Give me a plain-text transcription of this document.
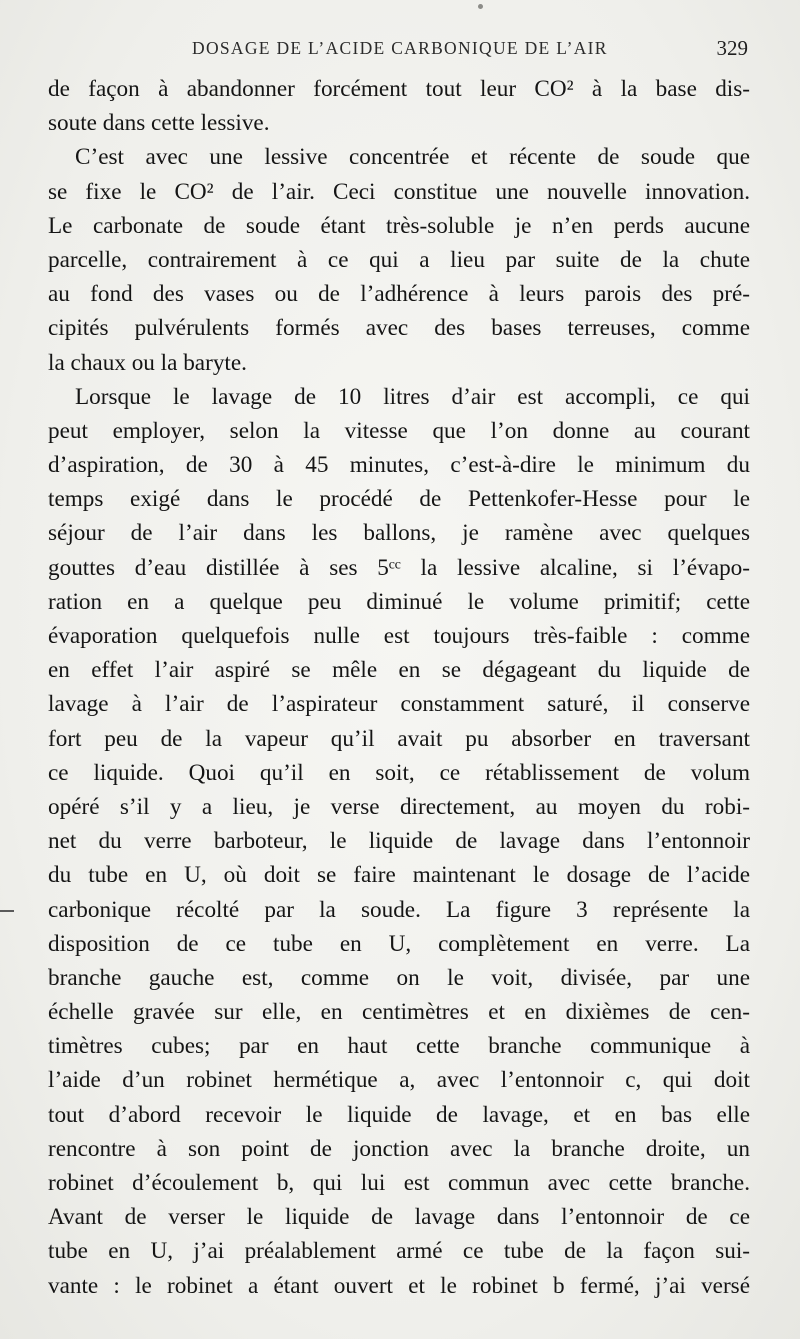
DOSAGE DE L’ACIDE CARBONIQUE DE L’AIR	329
de façon à abandonner forcément tout leur CO² à la base dis-
soute dans cette lessive.
C’est avec une lessive concentrée et récente de soude que
se fixe le CO² de l’air. Ceci constitue une nouvelle innovation.
Le carbonate de soude étant très-soluble je n’en perds aucune
parcelle, contrairement à ce qui a lieu par suite de la chute
au fond des vases ou de l’adhérence à leurs parois des pré-
cipités pulvérulents formés avec des bases terreuses, comme
la chaux ou la baryte.
Lorsque le lavage de 10 litres d’air est accompli, ce qui
peut employer, selon la vitesse que l’on donne au courant
d’aspiration, de 30 à 45 minutes, c’est-à-dire le minimum du
temps exigé dans le procédé de Pettenkofer-Hesse pour le
séjour de l’air dans les ballons, je ramène avec quelques
gouttes d’eau distillée à ses 5ᶜᶜ la lessive alcaline, si l’évapo-
ration en a quelque peu diminué le volume primitif; cette
évaporation quelquefois nulle est toujours très-faible : comme
en effet l’air aspiré se mêle en se dégageant du liquide de
lavage à l’air de l’aspirateur constamment saturé, il conserve
fort peu de la vapeur qu’il avait pu absorber en traversant
ce liquide. Quoi qu’il en soit, ce rétablissement de volum
opéré s’il y a lieu, je verse directement, au moyen du robi-
net du verre barboteur, le liquide de lavage dans l’entonnoir
du tube en U, où doit se faire maintenant le dosage de l’acide
carbonique récolté par la soude. La figure 3 représente la
disposition de ce tube en U, complètement en verre. La
branche gauche est, comme on le voit, divisée, par une
échelle gravée sur elle, en centimètres et en dixièmes de cen-
timètres cubes; par en haut cette branche communique à
l’aide d’un robinet hermétique a, avec l’entonnoir c, qui doit
tout d’abord recevoir le liquide de lavage, et en bas elle
rencontre à son point de jonction avec la branche droite, un
robinet d’écoulement b, qui lui est commun avec cette branche.
Avant de verser le liquide de lavage dans l’entonnoir de ce
tube en U, j’ai préalablement armé ce tube de la façon sui-
vante : le robinet a étant ouvert et le robinet b fermé, j’ai versé
